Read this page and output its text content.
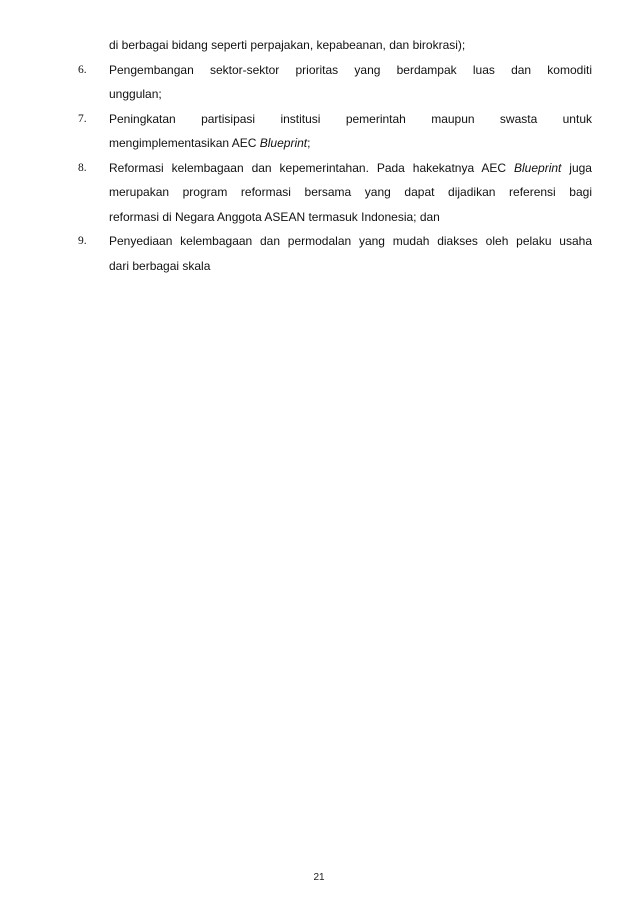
di berbagai bidang seperti perpajakan, kepabeanan, dan birokrasi);
6.	Pengembangan sektor-sektor prioritas yang berdampak luas dan komoditi
unggulan;
7.	Peningkatan partisipasi institusi pemerintah maupun swasta untuk
mengimplementasikan AEC Blueprint;
8.	Reformasi kelembagaan dan kepemerintahan. Pada hakekatnya AEC Blueprint juga
merupakan program reformasi bersama yang dapat dijadikan referensi bagi
reformasi di Negara Anggota ASEAN termasuk Indonesia; dan
9.	Penyediaan kelembagaan dan permodalan yang mudah diakses oleh pelaku usaha
dari berbagai skala
21
